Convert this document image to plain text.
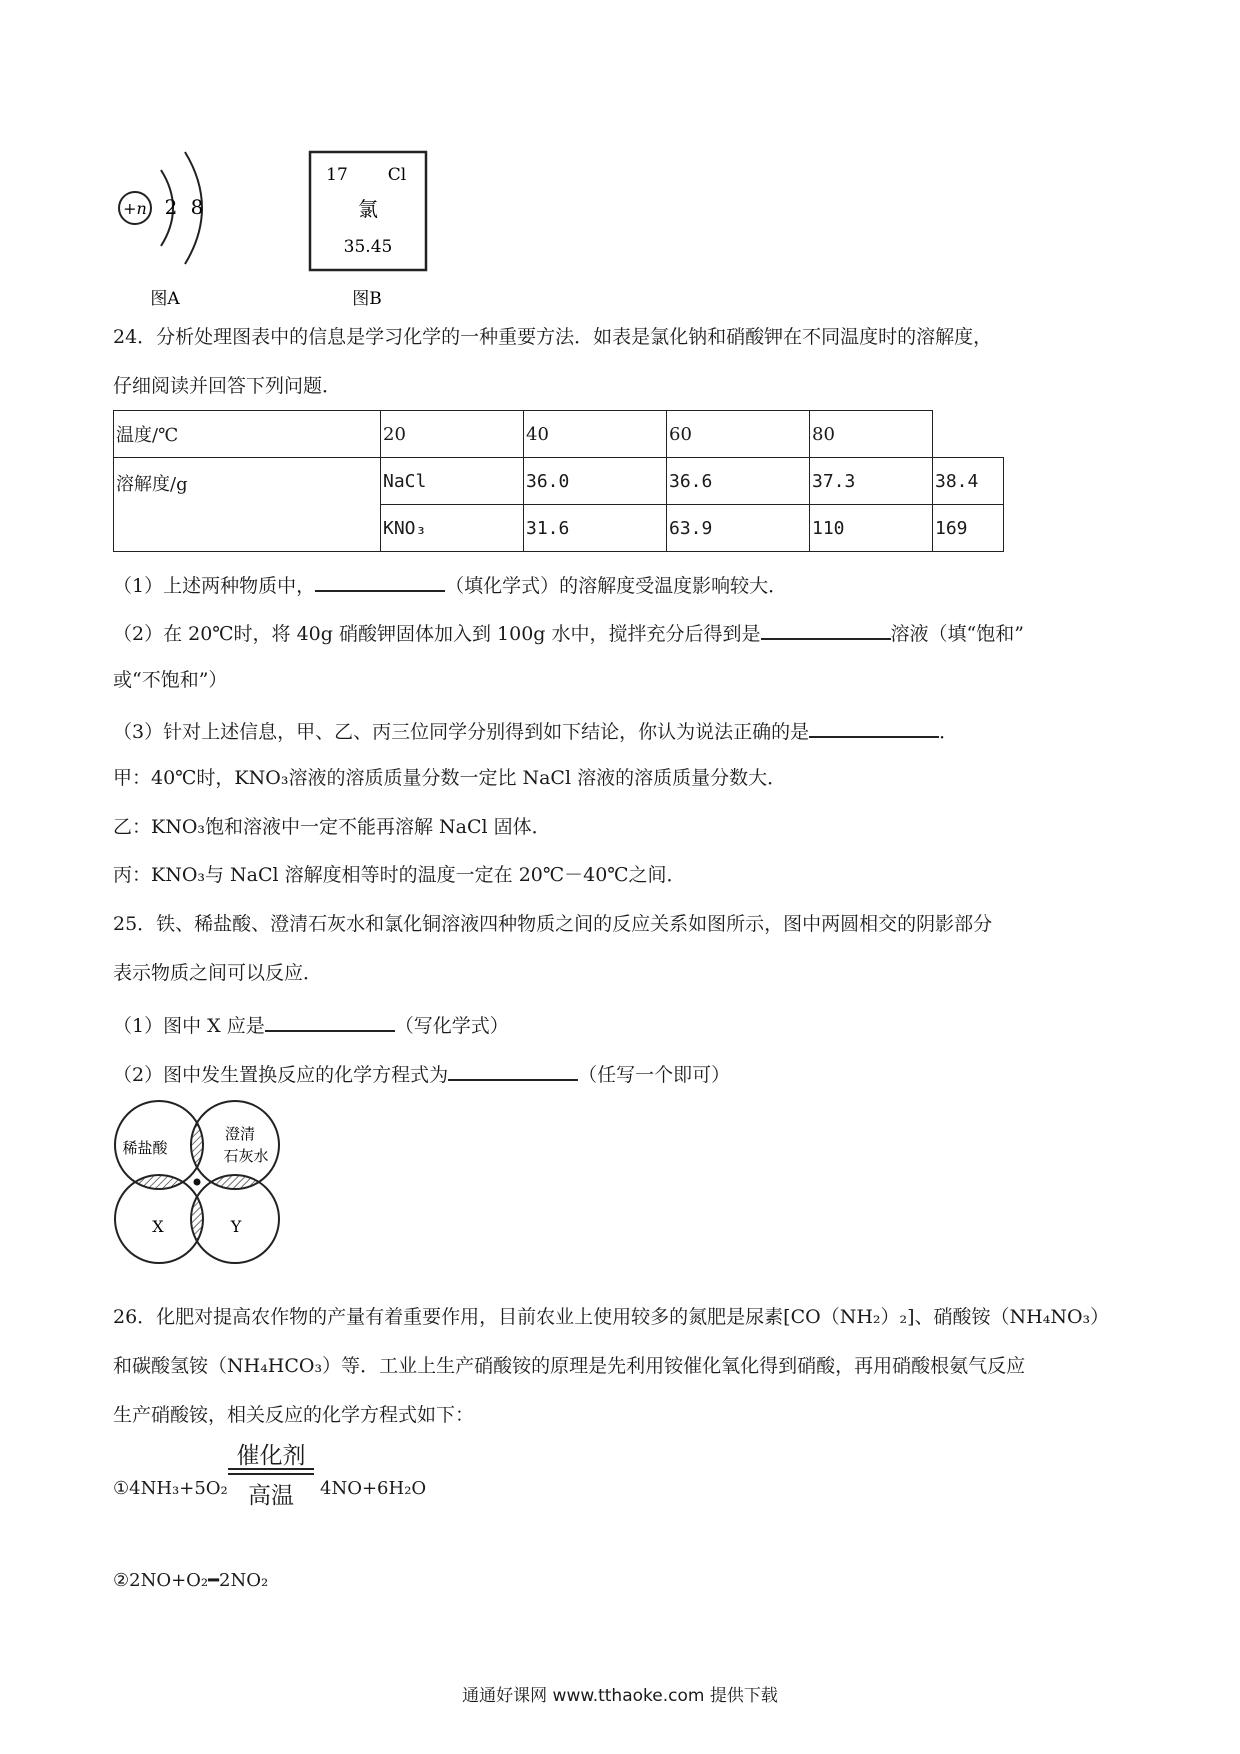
+n 2 8
图A
17 Cl
氯
35.45
图B
24．分析处理图表中的信息是学习化学的一种重要方法．如表是氯化钠和硝酸钾在不同温度时的溶解度，
仔细阅读并回答下列问题．
温度/℃	20	40	60	80	
溶解度/g	NaCl	36.0	36.6	37.3	38.4
	KNO₃	31.6	63.9	110	169
（1）上述两种物质中，	（填化学式）的溶解度受温度影响较大．
（2）在 20℃时，将 40g 硝酸钾固体加入到 100g 水中，搅拌充分后得到是	溶液（填“饱和”
或“不饱和”）
（3）针对上述信息，甲、乙、丙三位同学分别得到如下结论，你认为说法正确的是	．
甲：40℃时，KNO₃溶液的溶质质量分数一定比 NaCl 溶液的溶质质量分数大．
乙：KNO₃饱和溶液中一定不能再溶解 NaCl 固体．
丙：KNO₃与 NaCl 溶解度相等时的温度一定在 20℃－40℃之间．
25．铁、稀盐酸、澄清石灰水和氯化铜溶液四种物质之间的反应关系如图所示，图中两圆相交的阴影部分
表示物质之间可以反应．
（1）图中 X 应是	（写化学式）
（2）图中发生置换反应的化学方程式为	（任写一个即可）
稀盐酸
澄清
石灰水
X	Y
26．化肥对提高农作物的产量有着重要作用，目前农业上使用较多的氮肥是尿素[CO（NH₂）₂]、硝酸铵（NH₄NO₃）
和碳酸氢铵（NH₄HCO₃）等．工业上生产硝酸铵的原理是先利用铵催化氧化得到硝酸，再用硝酸根氨气反应
生产硝酸铵，相关反应的化学方程式如下：
①4NH₃+5O₂
催化剂
高温	4NO+6H₂O
②2NO+O₂━2NO₂
通通好课网 www.tthaoke.com 提供下载
